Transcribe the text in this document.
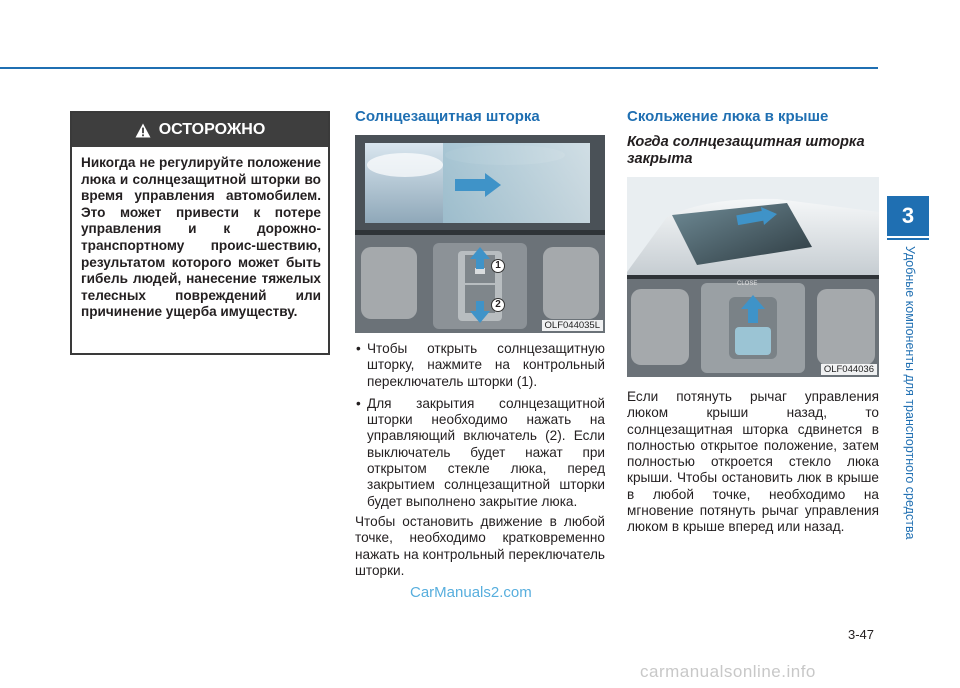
3
Удобные компоненты для транспортного средства
ОСТОРОЖНО
Никогда не регулируйте положение люка и солнцезащитной шторки во время управления автомобилем. Это может привести к потере управления и к дорожно-транспортному проис-шествию, результатом которого может быть гибель людей, нанесение тяжелых телесных повреждений или причинение ущерба имуществу.
Солнцезащитная шторка
1
2
OLF044035L
• Чтобы открыть солнцезащитную шторку, нажмите на контрольный переключатель шторки (1).
• Для закрытия солнцезащитной шторки необходимо нажать на управляющий включатель (2). Если выключатель будет нажат при открытом стекле люка, перед закрытием солнцезащитной шторки будет выполнено закрытие люка.
Чтобы остановить движение в любой точке, необходимо кратковременно нажать на контрольный переключатель шторки.
Скольжение люка в крыше
Когда солнцезащитная шторка закрыта
CLOSE
OLF044036
Если потянуть рычаг управления люком крыши назад, то солнцезащитная шторка сдвинется в полностью открытое положение, затем полностью откроется стекло люка крыши. Чтобы остановить люк в крыше в любой точке, необходимо на мгновение потянуть рычаг управления люком в крыше вперед или назад.
3-47
CarManuals2.com
carmanualsonline.info
